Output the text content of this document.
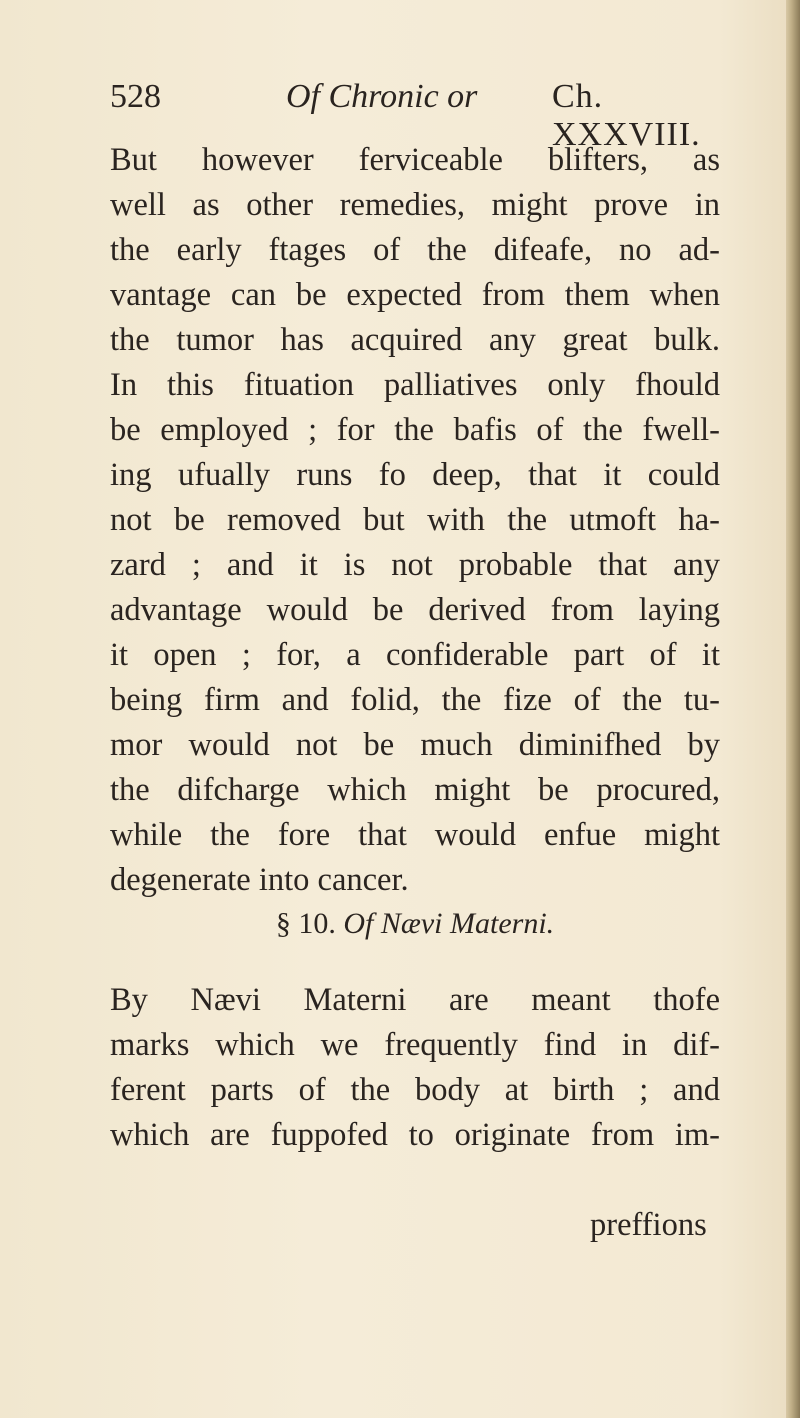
528	Of Chronic or Ch. XXXVIII.
But however ferviceable blifters, as
well as other remedies, might prove in
the early ftages of the difeafe, no ad-
vantage can be expected from them when
the tumor has acquired any great bulk.
In this fituation palliatives only fhould
be employed ; for the bafis of the fwell-
ing ufually runs fo deep, that it could
not be removed but with the utmoft ha-
zard ; and it is not probable that any
advantage would be derived from laying
it open ; for, a confiderable part of it
being firm and folid, the fize of the tu-
mor would not be much diminifhed by
the difcharge which might be procured,
while the fore that would enfue might
degenerate into cancer.
§ 10. Of Nævi Materni.
By Nævi Materni are meant thofe
marks which we frequently find in dif-
ferent parts of the body at birth ; and
which are fuppofed to originate from im-
preffions
